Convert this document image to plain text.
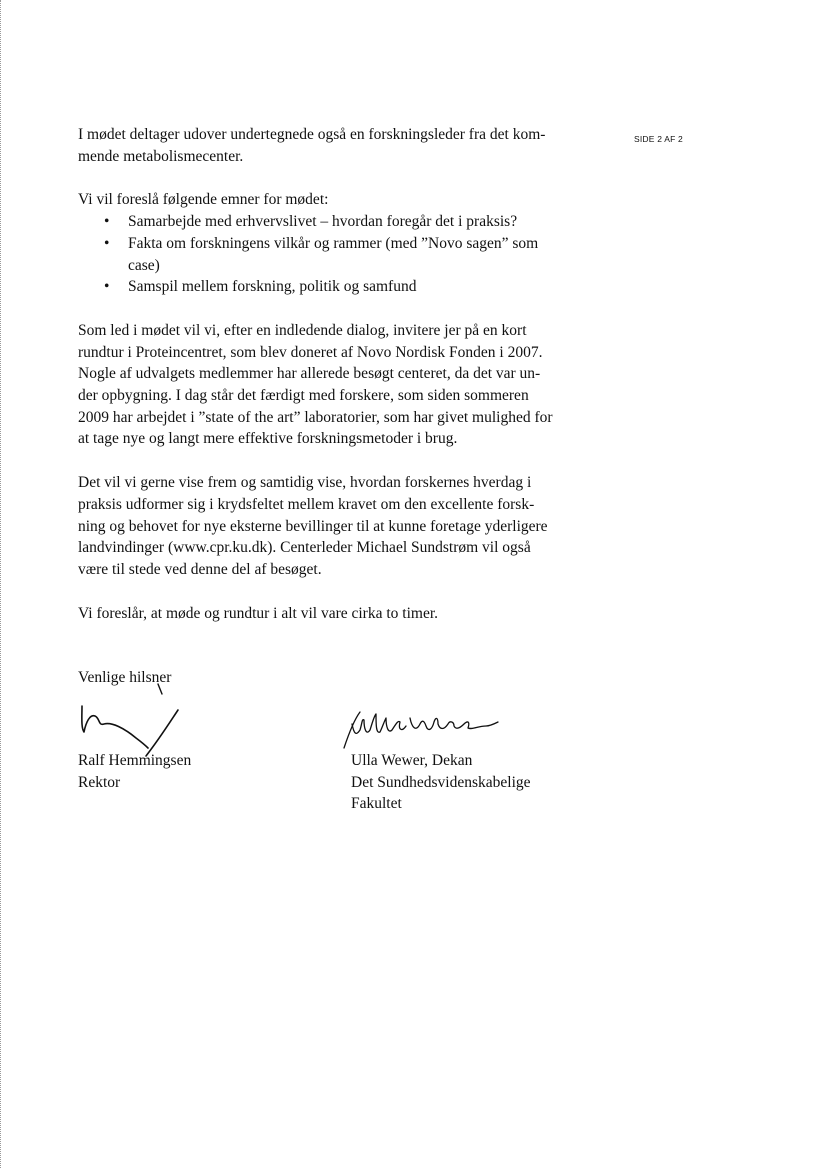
SIDE 2 AF 2

I mødet deltager udover undertegnede også en forskningsleder fra det kom-
mende metabolismecenter.

Vi vil foreslå følgende emner for mødet:

• Samarbejde med erhvervslivet – hvordan foregår det i praksis?
• Fakta om forskningens vilkår og rammer (med ”Novo sagen” som
case)
• Samspil mellem forskning, politik og samfund

Som led i mødet vil vi, efter en indledende dialog, invitere jer på en kort
rundtur i Proteincentret, som blev doneret af Novo Nordisk Fonden i 2007.
Nogle af udvalgets medlemmer har allerede besøgt centeret, da det var un-
der opbygning. I dag står det færdigt med forskere, som siden sommeren
2009 har arbejdet i ”state of the art” laboratorier, som har givet mulighed for
at tage nye og langt mere effektive forskningsmetoder i brug.

Det vil vi gerne vise frem og samtidig vise, hvordan forskernes hverdag i
praksis udformer sig i krydsfeltet mellem kravet om den excellente forsk-
ning og behovet for nye eksterne bevillinger til at kunne foretage yderligere
landvindinger (www.cpr.ku.dk). Centerleder Michael Sundstrøm vil også
være til stede ved denne del af besøget.

Vi foreslår, at møde og rundtur i alt vil vare cirka to timer.

Venlige hilsner
Ralf Hemmingsen
Rektor
Ulla Wewer, Dekan
Det Sundhedsvidenskabelige
Fakultet
